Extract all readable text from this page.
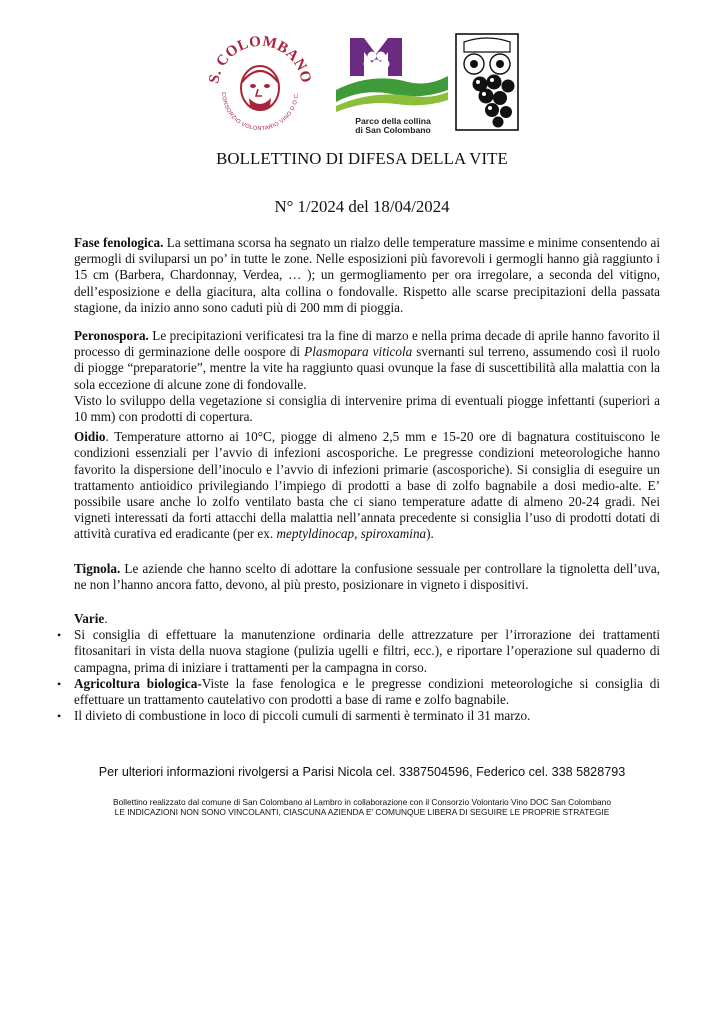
S. COLOMBANO
CONSORZIO VOLONTARIO VINO D.O.C.
Parco della collina
di San Colombano
BOLLETTINO DI DIFESA DELLA VITE
N° 1/2024 del 18/04/2024

Fase fenologica. La settimana scorsa ha segnato un rialzo delle temperature massime e minime consentendo ai germogli di sviluparsi un po’ in tutte le zone. Nelle esposizioni più favorevoli i germogli hanno già raggiunto i 15 cm (Barbera, Chardonnay, Verdea, … ); un germogliamento per ora irregolare, a seconda del vitigno, dell’esposizione e della giacitura, alta collina o fondovalle. Rispetto alle scarse precipitazioni della passata stagione, da inizio anno sono caduti più di 200 mm di pioggia.

Peronospora. Le precipitazioni verificatesi tra la fine di marzo e nella prima decade di aprile hanno favorito il processo di germinazione delle oospore di Plasmopara viticola svernanti sul terreno, assumendo così il ruolo di piogge “preparatorie”, mentre la vite ha raggiunto quasi ovunque la fase di suscettibilità alla malattia con la sola eccezione di alcune zone di fondovalle.

Visto lo sviluppo della vegetazione si consiglia di intervenire prima di eventuali piogge infettanti (superiori a 10 mm) con prodotti di copertura.

Oidio. Temperature attorno ai 10°C, piogge di almeno 2,5 mm e 15-20 ore di bagnatura costituiscono le condizioni essenziali per l’avvio di infezioni ascosporiche. Le pregresse condizioni meteorologiche hanno favorito la dispersione dell’inoculo e l’avvio di infezioni primarie (ascosporiche). Si consiglia di eseguire un trattamento antioidico privilegiando l’impiego di prodotti a base di zolfo bagnabile a dosi medio-alte. E’ possibile usare anche lo zolfo ventilato basta che ci siano temperature adatte di almeno 20-24 gradi. Nei vigneti interessati da forti attacchi della malattia nell’annata precedente si consiglia l’uso di prodotti dotati di attività curativa ed eradicante (per ex. meptyldinocap, spiroxamina).

Tignola. Le aziende che hanno scelto di adottare la confusione sessuale per controllare la tignoletta dell’uva, ne non l’hanno ancora fatto, devono, al più presto, posizionare in vigneto i dispositivi.

Varie.

• Si consiglia di effettuare la manutenzione ordinaria delle attrezzature per l’irrorazione dei trattamenti fitosanitari in vista della nuova stagione (pulizia ugelli e filtri, ecc.), e riportare l’operazione sul quaderno di campagna, prima di iniziare i trattamenti per la campagna in corso.
• Agricoltura biologica-Viste la fase fenologica e le pregresse condizioni meteorologiche si consiglia di effettuare un trattamento cautelativo con prodotti a base di rame e zolfo bagnabile.
• Il divieto di combustione in loco di piccoli cumuli di sarmenti è terminato il 31 marzo.
Per ulteriori informazioni rivolgersi a Parisi Nicola cel. 3387504596, Federico cel. 338 5828793
Bollettino realizzato dal comune di San Colombano al Lambro in collaborazione con il Consorzio Volontario Vino DOC San Colombano
LE INDICAZIONI NON SONO VINCOLANTI, CIASCUNA AZIENDA E’ COMUNQUE LIBERA DI SEGUIRE LE PROPRIE STRATEGIE
